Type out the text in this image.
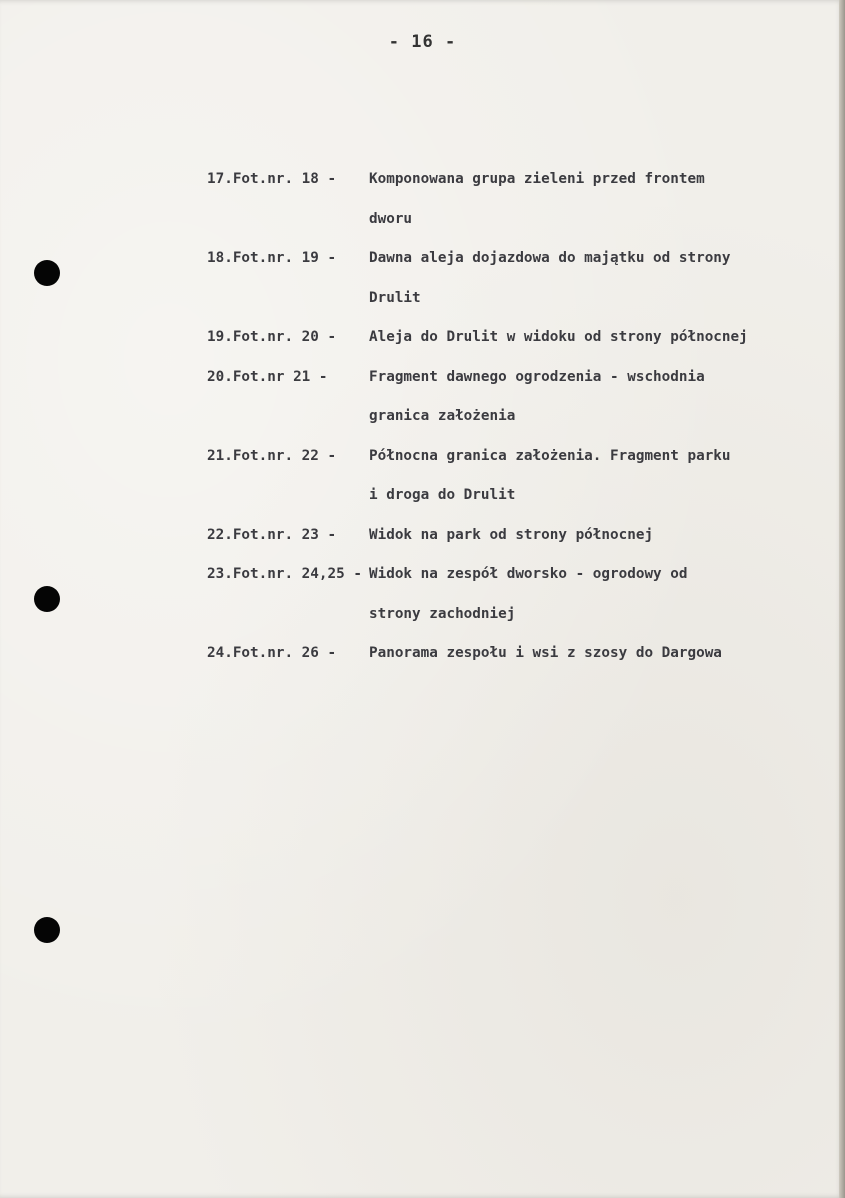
- 16 -
17.Fot.nr. 18 -	Komponowana grupa zieleni przed frontem
dworu
18.Fot.nr. 19 -	Dawna aleja dojazdowa do majątku od strony
Drulit
19.Fot.nr. 20 -	Aleja do Drulit w widoku od strony północnej
20.Fot.nr 21 -	Fragment dawnego ogrodzenia - wschodnia
granica założenia
21.Fot.nr. 22 -	Północna granica założenia. Fragment parku
i droga do Drulit
22.Fot.nr. 23 -	Widok na park od strony północnej
23.Fot.nr. 24,25 - Widok na zespół dworsko - ogrodowy od
strony zachodniej
24.Fot.nr. 26 -	Panorama zespołu i wsi z szosy do Dargowa
